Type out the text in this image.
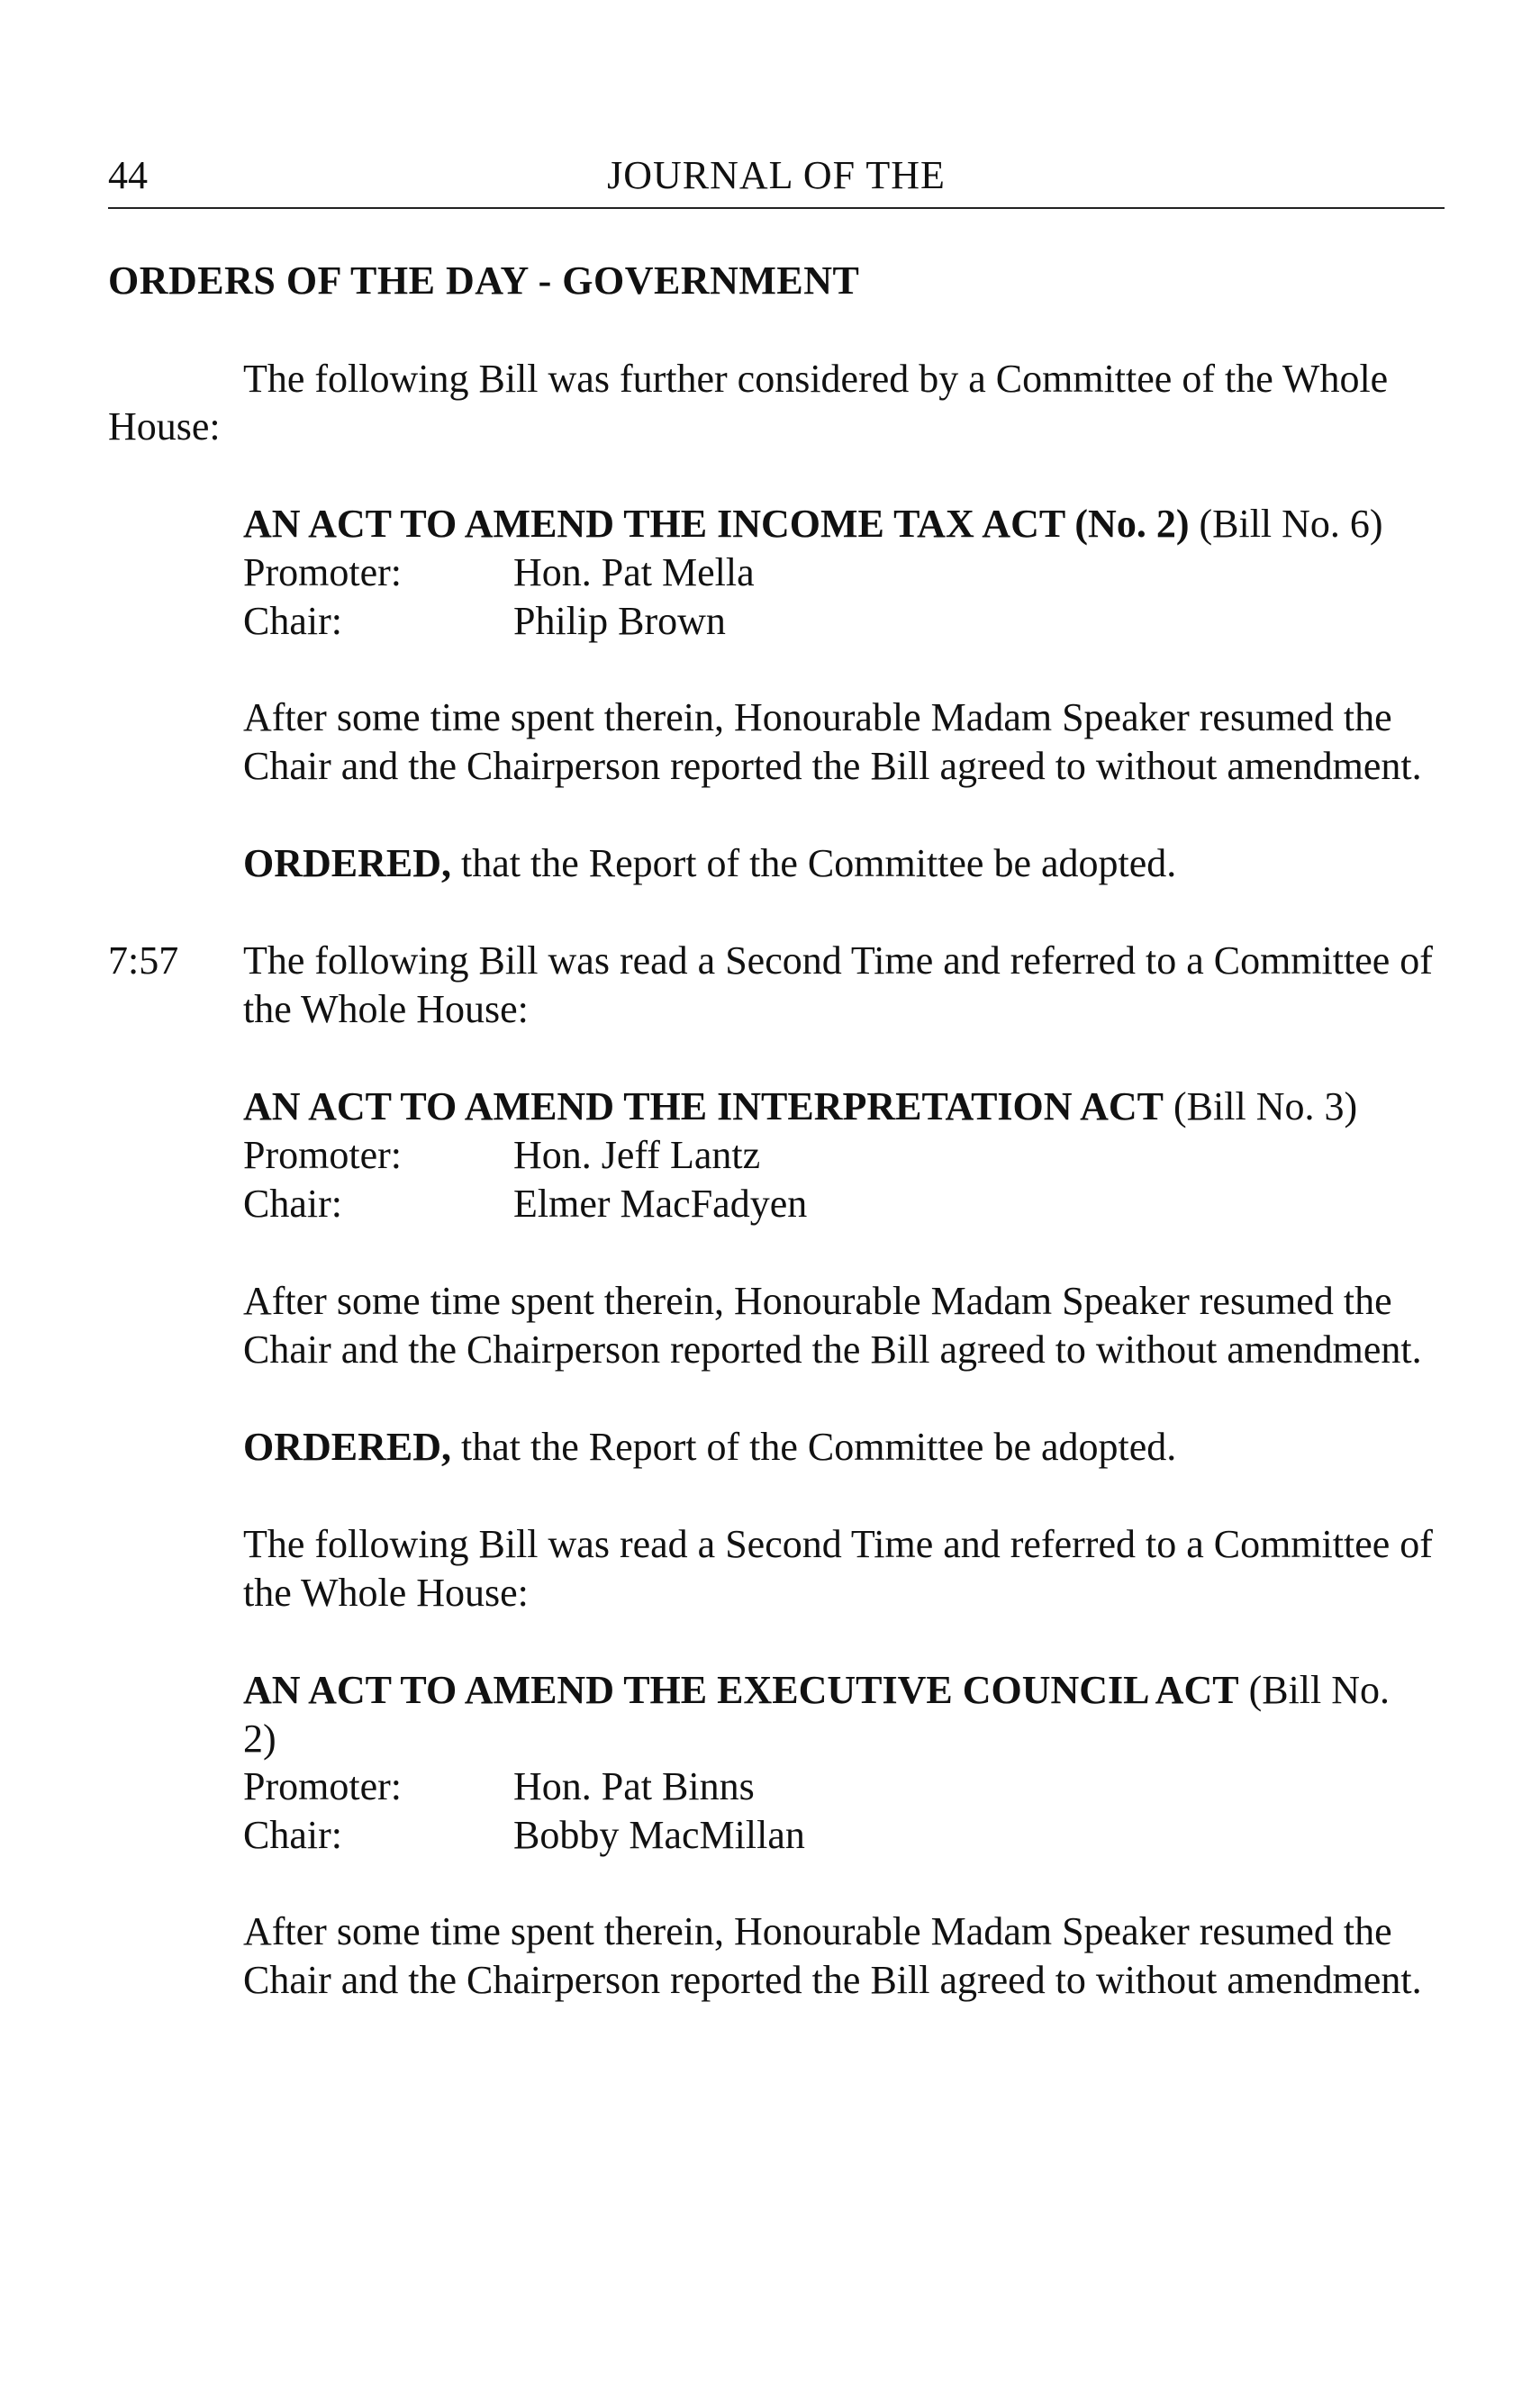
44	JOURNAL OF THE
ORDERS OF THE DAY - GOVERNMENT
The following Bill was further considered by a Committee of the Whole
House:
AN ACT TO AMEND THE INCOME TAX ACT (No. 2) (Bill No. 6)
Promoter:	Hon. Pat Mella
Chair:	Philip Brown

After some time spent therein, Honourable Madam Speaker resumed the

Chair and the Chairperson reported the Bill agreed to without amendment.

ORDERED, that the Report of the Committee be adopted.
7:57 The following Bill was read a Second Time and referred to a Committee of

the Whole House:

AN ACT TO AMEND THE INTERPRETATION ACT (Bill No. 3)
Promoter:	Hon. Jeff Lantz
Chair:	Elmer MacFadyen

After some time spent therein, Honourable Madam Speaker resumed the

Chair and the Chairperson reported the Bill agreed to without amendment.

ORDERED, that the Report of the Committee be adopted.

The following Bill was read a Second Time and referred to a Committee of

the Whole House:

AN ACT TO AMEND THE EXECUTIVE COUNCIL ACT (Bill No.
2)
Promoter:	Hon. Pat Binns
Chair:	Bobby MacMillan

After some time spent therein, Honourable Madam Speaker resumed the

Chair and the Chairperson reported the Bill agreed to without amendment.
